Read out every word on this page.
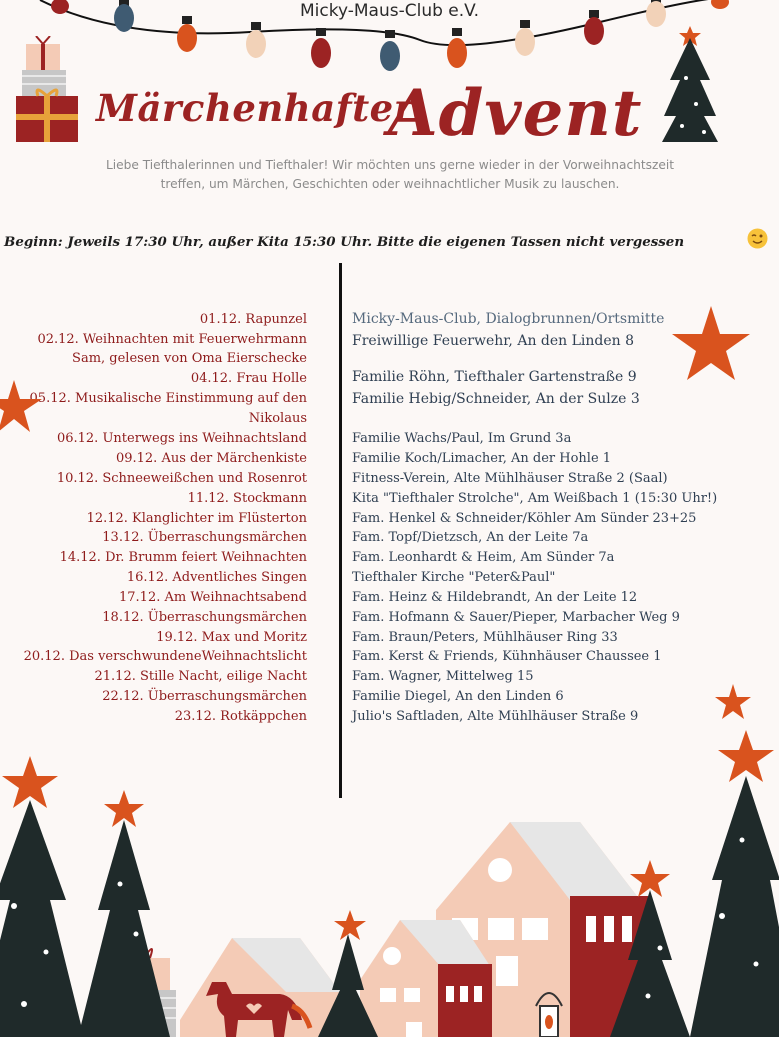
Micky-Maus-Club e.V.
Märchenhafter
Advent
Liebe Tiefthalerinnen und Tiefthaler! Wir möchten uns gerne wieder in der Vorweihnachtszeit
treffen, um Märchen, Geschichten oder weihnachtlicher Musik zu lauschen.
Beginn: Jeweils 17:30 Uhr, außer Kita 15:30 Uhr. Bitte die eigenen Tassen nicht vergessen
01.12. Rapunzel
02.12. Weihnachten mit Feuerwehrmann
Sam, gelesen von Oma Eierschecke
04.12. Frau Holle
05.12. Musikalische Einstimmung auf den
Nikolaus
06.12. Unterwegs ins Weihnachtsland
09.12. Aus der Märchenkiste
10.12. Schneeweißchen und Rosenrot
11.12. Stockmann
12.12. Klanglichter im Flüsterton
13.12. Überraschungsmärchen
14.12. Dr. Brumm feiert Weihnachten
16.12. Adventliches Singen
17.12. Am Weihnachtsabend
18.12. Überraschungsmärchen
19.12. Max und Moritz
20.12. Das verschwundeneWeihnachtslicht
21.12. Stille Nacht, eilige Nacht
22.12. Überraschungsmärchen
23.12. Rotkäppchen
Micky-Maus-Club, Dialogbrunnen/Ortsmitte
Freiwillige Feuerwehr, An den Linden 8
Familie Röhn, Tiefthaler Gartenstraße 9
Familie Hebig/Schneider, An der Sulze 3
Familie Wachs/Paul, Im Grund 3a
Familie Koch/Limacher, An der Hohle 1
Fitness-Verein, Alte Mühlhäuser Straße 2 (Saal)
Kita "Tiefthaler Strolche", Am Weißbach 1 (15:30 Uhr!)
Fam. Henkel & Schneider/Köhler Am Sünder 23+25
Fam. Topf/Dietzsch, An der Leite 7a
Fam. Leonhardt & Heim, Am Sünder 7a
Tiefthaler Kirche "Peter&Paul"
Fam. Heinz & Hildebrandt, An der Leite 12
Fam. Hofmann & Sauer/Pieper, Marbacher Weg 9
Fam. Braun/Peters, Mühlhäuser Ring 33
Fam. Kerst & Friends, Kühnhäuser Chaussee 1
Fam. Wagner, Mittelweg 15
Familie Diegel, An den Linden 6
Julio's Saftladen, Alte Mühlhäuser Straße 9
